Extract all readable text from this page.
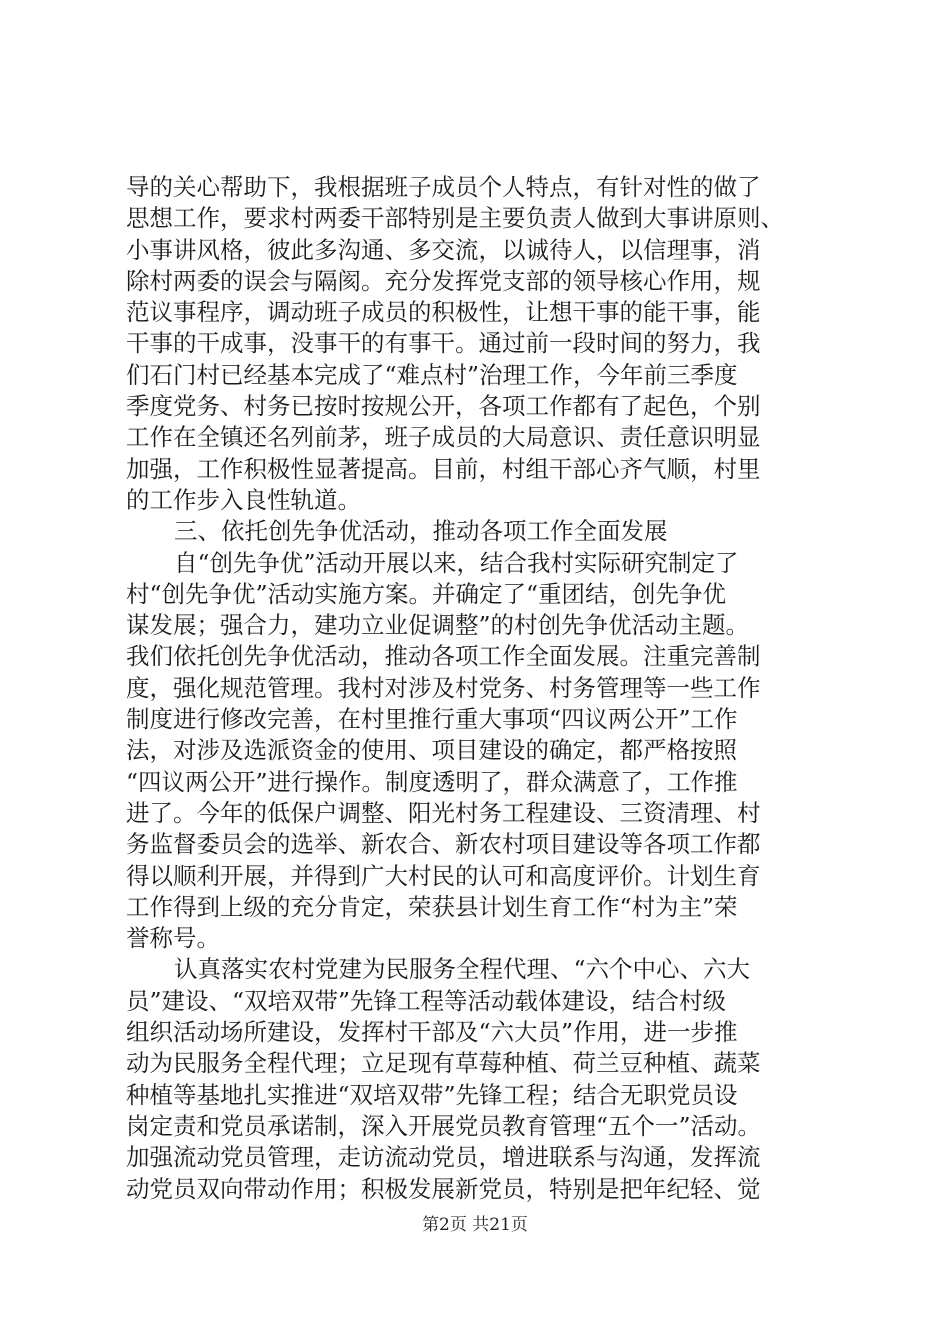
导的关心帮助下，我根据班子成员个人特点，有针对性的做了
思想工作，要求村两委干部特别是主要负责人做到大事讲原则、
小事讲风格，彼此多沟通、多交流，以诚待人，以信理事，消
除村两委的误会与隔阂。充分发挥党支部的领导核心作用，规
范议事程序，调动班子成员的积极性，让想干事的能干事，能
干事的干成事，没事干的有事干。通过前一段时间的努力，我
们石门村已经基本完成了“难点村”治理工作，今年前三季度
季度党务、村务已按时按规公开，各项工作都有了起色，个别
工作在全镇还名列前茅，班子成员的大局意识、责任意识明显
加强，工作积极性显著提高。目前，村组干部心齐气顺，村里
的工作步入良性轨道。
三、依托创先争优活动，推动各项工作全面发展
自“创先争优”活动开展以来，结合我村实际研究制定了
村“创先争优”活动实施方案。并确定了“重团结，创先争优
谋发展；强合力，建功立业促调整”的村创先争优活动主题。
我们依托创先争优活动，推动各项工作全面发展。注重完善制
度，强化规范管理。我村对涉及村党务、村务管理等一些工作
制度进行修改完善，在村里推行重大事项“四议两公开”工作
法，对涉及选派资金的使用、项目建设的确定，都严格按照
“四议两公开”进行操作。制度透明了，群众满意了，工作推
进了。今年的低保户调整、阳光村务工程建设、三资清理、村
务监督委员会的选举、新农合、新农村项目建设等各项工作都
得以顺利开展，并得到广大村民的认可和高度评价。计划生育
工作得到上级的充分肯定，荣获县计划生育工作“村为主”荣
誉称号。
认真落实农村党建为民服务全程代理、“六个中心、六大
员”建设、“双培双带”先锋工程等活动载体建设，结合村级
组织活动场所建设，发挥村干部及“六大员”作用，进一步推
动为民服务全程代理；立足现有草莓种植、荷兰豆种植、蔬菜
种植等基地扎实推进“双培双带”先锋工程；结合无职党员设
岗定责和党员承诺制，深入开展党员教育管理“五个一”活动。
加强流动党员管理，走访流动党员，增进联系与沟通，发挥流
动党员双向带动作用；积极发展新党员，特别是把年纪轻、觉
第2页 共21页
